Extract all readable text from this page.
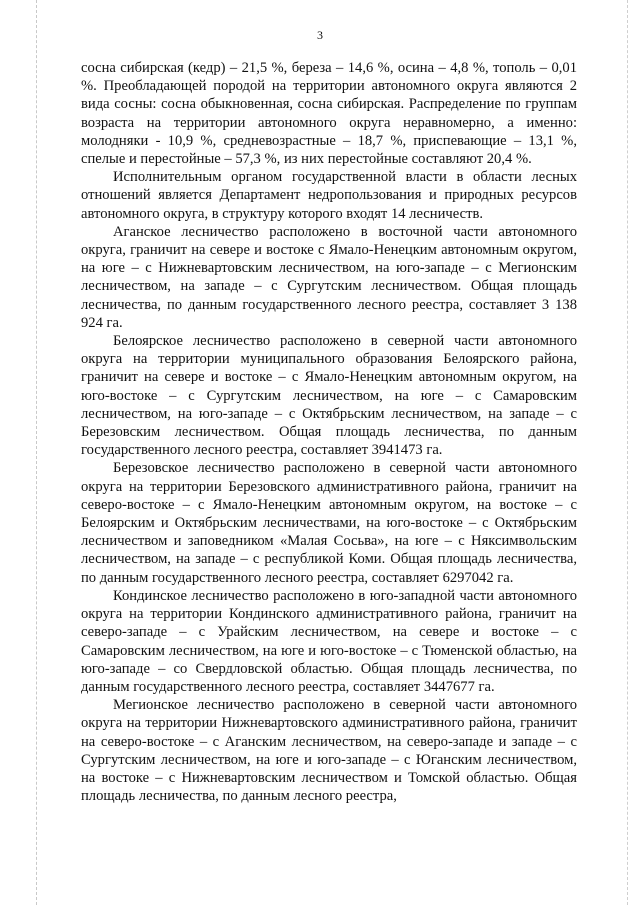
3

сосна сибирская (кедр) – 21,5 %, береза – 14,6 %, осина – 4,8 %, тополь – 0,01 %. Преобладающей породой на территории автономного округа являются 2 вида сосны: сосна обыкновенная, сосна сибирская. Распределение по группам возраста на территории автономного округа неравномерно, а именно: молодняки - 10,9 %, средневозрастные – 18,7 %, приспевающие – 13,1 %, спелые и перестойные – 57,3 %, из них перестойные составляют 20,4 %.

Исполнительным органом государственной власти в области лесных отношений является Департамент недропользования и природных ресурсов автономного округа, в структуру которого входят 14 лесничеств.

Аганское лесничество расположено в восточной части автономного округа, граничит на севере и востоке с Ямало-Ненецким автономным округом, на юге – с Нижневартовским лесничеством, на юго-западе – с Мегионским лесничеством, на западе – с Сургутским лесничеством. Общая площадь лесничества, по данным государственного лесного реестра, составляет 3 138 924 га.

Белоярское лесничество расположено в северной части автономного округа на территории муниципального образования Белоярского района, граничит на севере и востоке – с Ямало-Ненецким автономным округом, на юго-востоке – с Сургутским лесничеством, на юге – с Самаровским лесничеством, на юго-западе – с Октябрьским лесничеством, на западе – с Березовским лесничеством. Общая площадь лесничества, по данным государственного лесного реестра, составляет 3941473 га.

Березовское лесничество расположено в северной части автономного округа на территории Березовского административного района, граничит на северо-востоке – с Ямало-Ненецким автономным округом, на востоке – с Белоярским и Октябрьским лесничествами, на юго-востоке – с Октябрьским лесничеством и заповедником «Малая Сосьва», на юге – с Няксимвольским лесничеством, на западе – с республикой Коми. Общая площадь лесничества, по данным государственного лесного реестра, составляет 6297042 га.

Кондинское лесничество расположено в юго-западной части автономного округа на территории Кондинского административного района, граничит на северо-западе – с Урайским лесничеством, на севере и востоке – с Самаровским лесничеством, на юге и юго-востоке – с Тюменской областью, на юго-западе – со Свердловской областью. Общая площадь лесничества, по данным государственного лесного реестра, составляет 3447677 га.

Мегионское лесничество расположено в северной части автономного округа на территории Нижневартовского административного района, граничит на северо-востоке – с Аганским лесничеством, на северо-западе и западе – с Сургутским лесничеством, на юге и юго-западе – с Юганским лесничеством, на востоке – с Нижневартовским лесничеством и Томской областью. Общая площадь лесничества, по данным лесного реестра,
